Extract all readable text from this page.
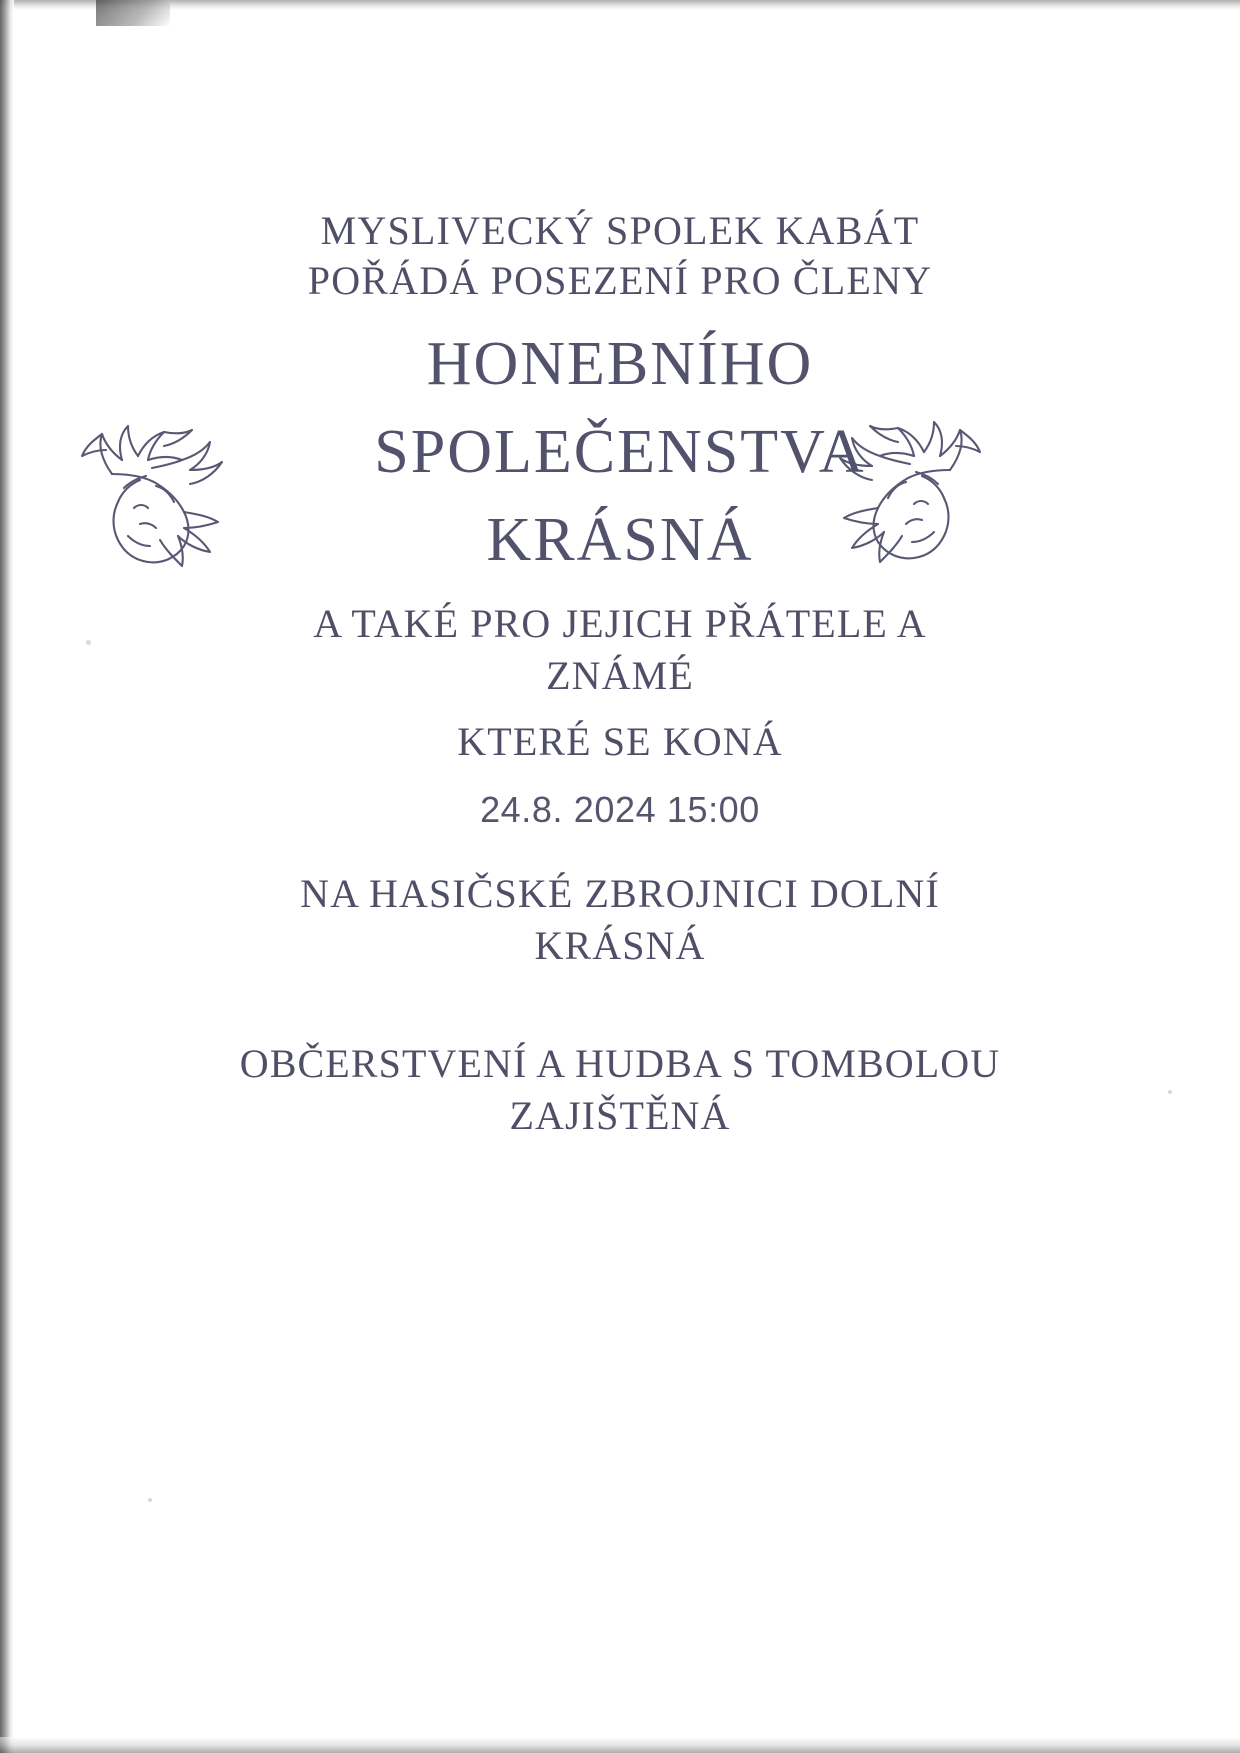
MYSLIVECKÝ SPOLEK KABÁT
POŘÁDÁ POSEZENÍ PRO ČLENY
HONEBNÍHO
SPOLEČENSTVA
KRÁSNÁ
A TAKÉ PRO JEJICH PŘÁTELE A
ZNÁMÉ
KTERÉ SE KONÁ
24.8. 2024 15:00
NA HASIČSKÉ ZBROJNICI DOLNÍ
KRÁSNÁ
OBČERSTVENÍ A HUDBA S TOMBOLOU
ZAJIŠTĚNÁ
